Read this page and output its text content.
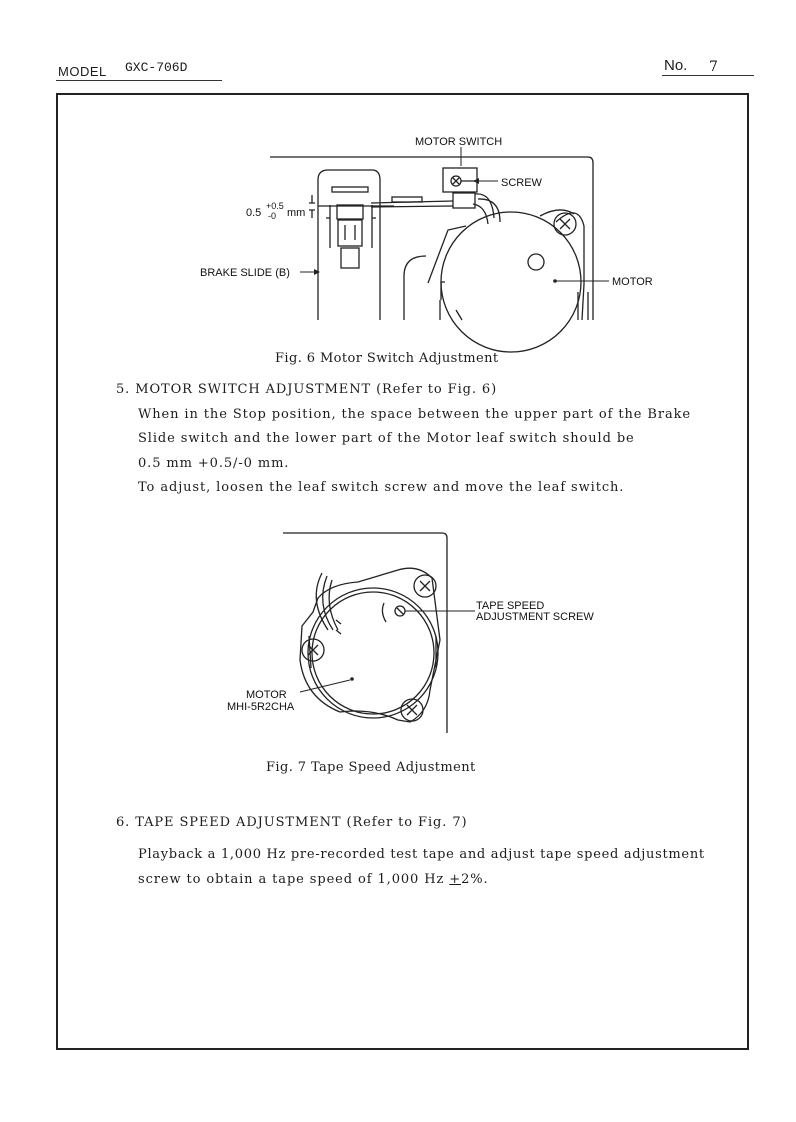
MODEL GXC-706D	No. 7
MOTOR SWITCH
SCREW
0.5
+0.5
-0 mm
BRAKE SLIDE (B)
MOTOR
Fig. 6 Motor Switch Adjustment
5. MOTOR SWITCH ADJUSTMENT (Refer to Fig. 6)
When in the Stop position, the space between the upper part of the Brake
Slide switch and the lower part of the Motor leaf switch should be
0.5 mm +0.5/-0 mm.
To adjust, loosen the leaf switch screw and move the leaf switch.
TAPE SPEED
ADJUSTMENT SCREW
MOTOR
MHI-5R2CHA
Fig. 7 Tape Speed Adjustment
6. TAPE SPEED ADJUSTMENT (Refer to Fig. 7)
Playback a 1,000 Hz pre-recorded test tape and adjust tape speed adjustment
screw to obtain a tape speed of 1,000 Hz +2%.
